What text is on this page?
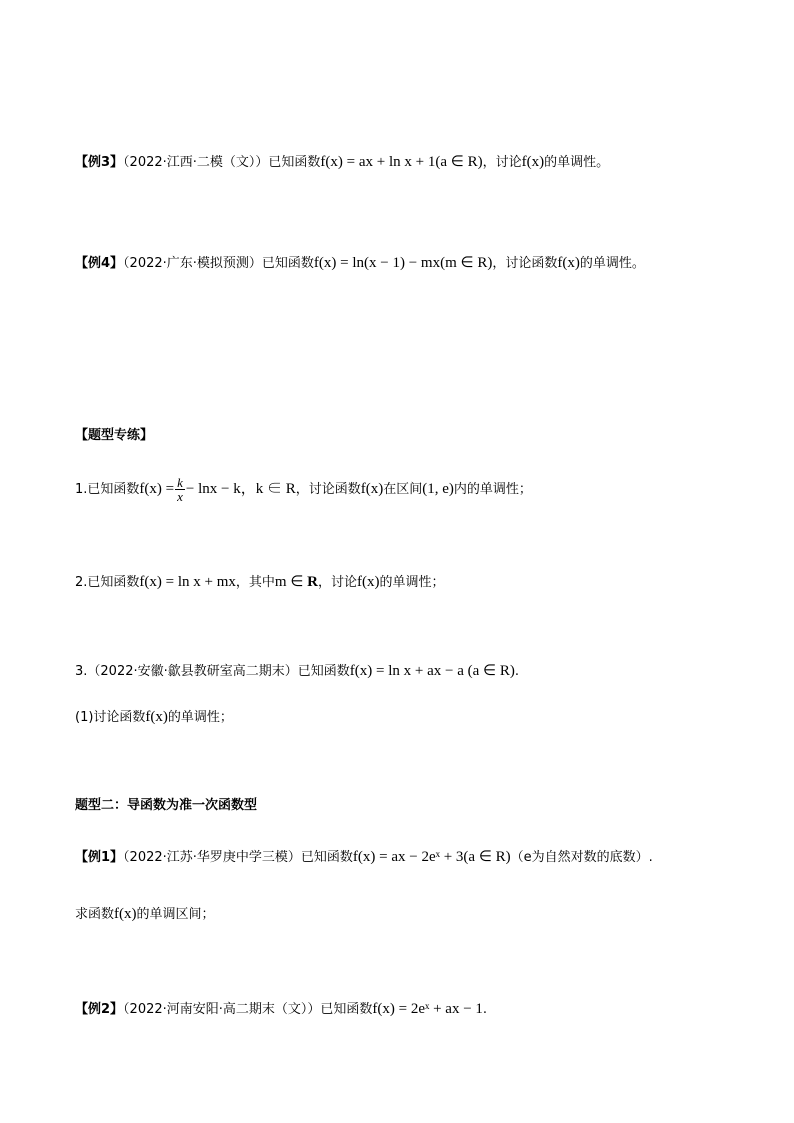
【例3】（2022·江西·二模（文））已知函数f(x) = ax + ln x + 1(a ∈ R)，讨论f(x)的单调性。
【例4】（2022·广东·模拟预测）已知函数f(x) = ln(x − 1) − mx(m ∈ R)，讨论函数f(x)的单调性。
【题型专练】
1.已知函数$f(x) = \frac{k}{x} - \ln x - k$，k ∈ R，讨论函数f(x)在区间(1, e)内的单调性；
2.已知函数f(x) = ln x + mx，其中m ∈ R，讨论f(x)的单调性；
3.（2022·安徽·歙县教研室高二期末）已知函数f(x) = ln x + ax − a (a ∈ R).
(1)讨论函数f(x)的单调性；
题型二：导函数为准一次函数型
【例1】（2022·江苏·华罗庚中学三模）已知函数f(x) = ax − 2eˣ + 3(a ∈ R)（e为自然对数的底数）.
求函数f(x)的单调区间；
【例2】（2022·河南安阳·高二期末（文））已知函数f(x) = 2eˣ + ax − 1.
